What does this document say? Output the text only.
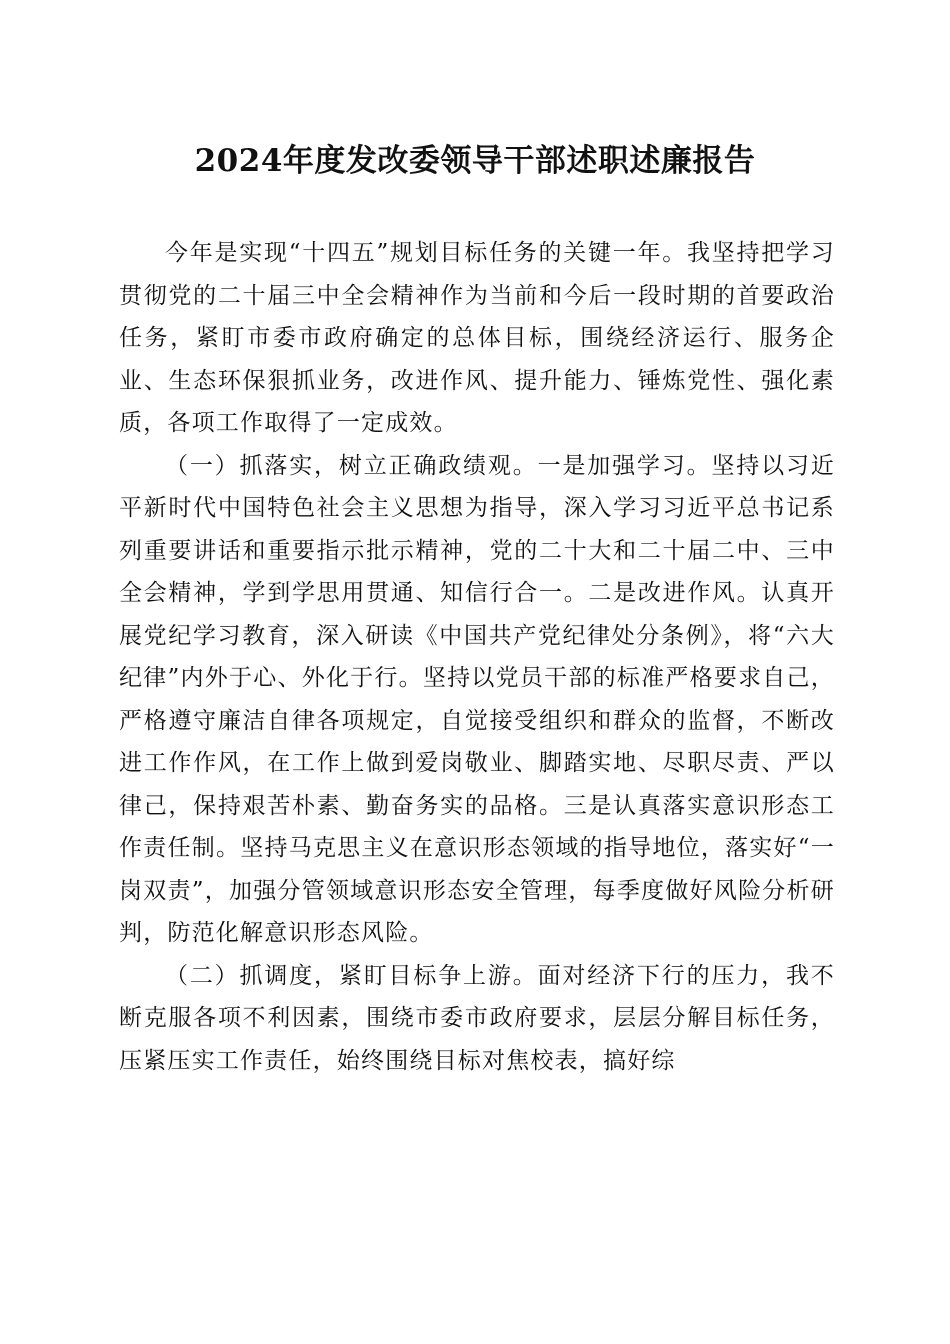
2024年度发改委领导干部述职述廉报告

今年是实现“十四五”规划目标任务的关键一年。我坚持把学习贯彻党的二十届三中全会精神作为当前和今后一段时期的首要政治任务，紧盯市委市政府确定的总体目标，围绕经济运行、服务企业、生态环保狠抓业务，改进作风、提升能力、锤炼党性、强化素质，各项工作取得了一定成效。

（一）抓落实，树立正确政绩观。一是加强学习。坚持以习近平新时代中国特色社会主义思想为指导，深入学习习近平总书记系列重要讲话和重要指示批示精神，党的二十大和二十届二中、三中全会精神，学到学思用贯通、知信行合一。二是改进作风。认真开展党纪学习教育，深入研读《中国共产党纪律处分条例》，将“六大纪律”内外于心、外化于行。坚持以党员干部的标准严格要求自己，严格遵守廉洁自律各项规定，自觉接受组织和群众的监督，不断改进工作作风，在工作上做到爱岗敬业、脚踏实地、尽职尽责、严以律己，保持艰苦朴素、勤奋务实的品格。三是认真落实意识形态工作责任制。坚持马克思主义在意识形态领域的指导地位，落实好“一岗双责”，加强分管领域意识形态安全管理，每季度做好风险分析研判，防范化解意识形态风险。

（二）抓调度，紧盯目标争上游。面对经济下行的压力，我不断克服各项不利因素，围绕市委市政府要求，层层分解目标任务，压紧压实工作责任，始终围绕目标对焦校表，搞好综
